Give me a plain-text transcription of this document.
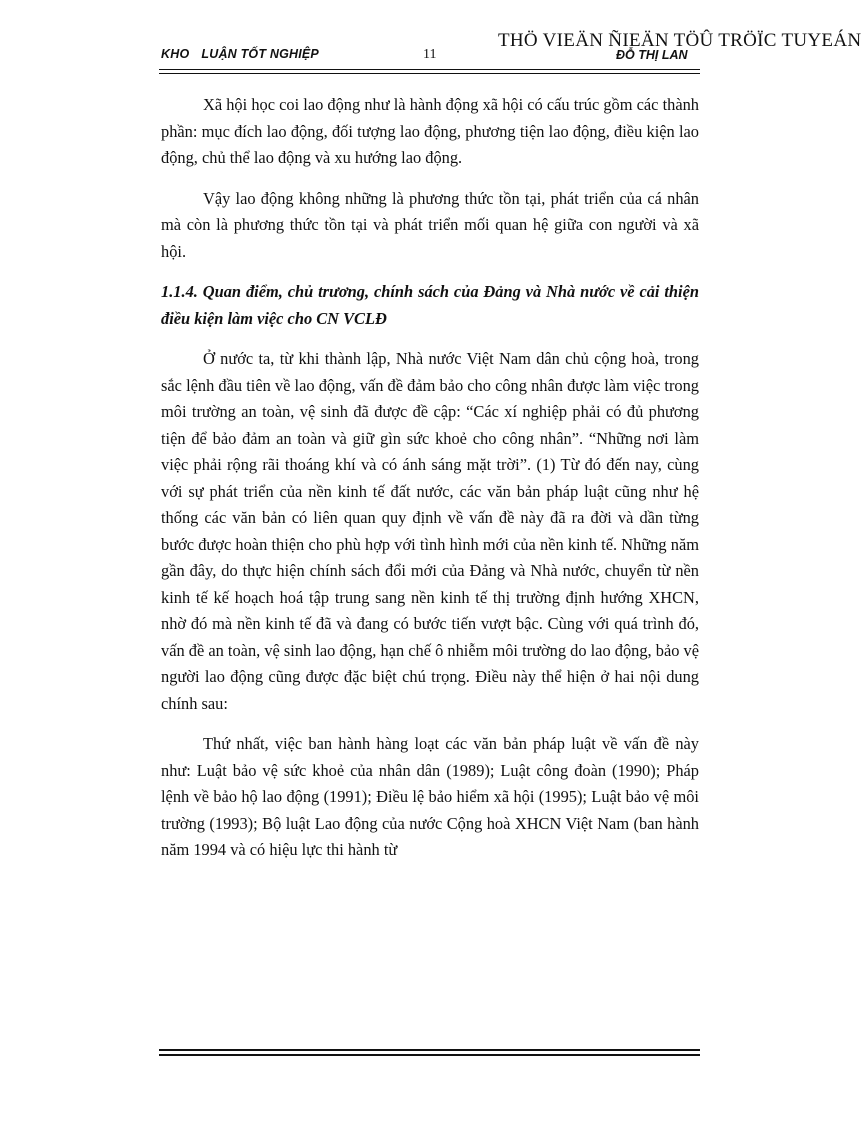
KHO LUẬN TỐT NGHIỆP	11
THÖ VIEÄN ÑIEÄN TÖÛ TRÖÏC TUYEÁN
ĐỖ THỊ LAN

Xã hội học coi lao động như là hành động xã hội có cấu trúc gồm các thành phần: mục đích lao động, đối tượng lao động, phương tiện lao động, điều kiện lao động, chủ thể lao động và xu hướng lao động.

Vậy lao động không những là phương thức tồn tại, phát triển của cá nhân mà còn là phương thức tồn tại và phát triển mối quan hệ giữa con người và xã hội.

1.1.4. Quan điểm, chủ trương, chính sách của Đảng và Nhà nước về cải thiện điều kiện làm việc cho CN VCLĐ

Ở nước ta, từ khi thành lập, Nhà nước Việt Nam dân chủ cộng hoà, trong sắc lệnh đầu tiên về lao động, vấn đề đảm bảo cho công nhân được làm việc trong môi trường an toàn, vệ sinh đã được đề cập: “Các xí nghiệp phải có đủ phương tiện để bảo đảm an toàn và giữ gìn sức khoẻ cho công nhân”. “Những nơi làm việc phải rộng rãi thoáng khí và có ánh sáng mặt trời”. (1) Từ đó đến nay, cùng với sự phát triển của nền kinh tế đất nước, các văn bản pháp luật cũng như hệ thống các văn bản có liên quan quy định về vấn đề này đã ra đời và dần từng bước được hoàn thiện cho phù hợp với tình hình mới của nền kinh tế. Những năm gần đây, do thực hiện chính sách đổi mới của Đảng và Nhà nước, chuyển từ nền kinh tế kế hoạch hoá tập trung sang nền kinh tế thị trường định hướng XHCN, nhờ đó mà nền kinh tế đã và đang có bước tiến vượt bậc. Cùng với quá trình đó, vấn đề an toàn, vệ sinh lao động, hạn chế ô nhiễm môi trường do lao động, bảo vệ người lao động cũng được đặc biệt chú trọng. Điều này thể hiện ở hai nội dung chính sau:

Thứ nhất, việc ban hành hàng loạt các văn bản pháp luật về vấn đề này như: Luật bảo vệ sức khoẻ của nhân dân (1989); Luật công đoàn (1990); Pháp lệnh về bảo hộ lao động (1991); Điều lệ bảo hiểm xã hội (1995); Luật bảo vệ môi trường (1993); Bộ luật Lao động của nước Cộng hoà XHCN Việt Nam (ban hành năm 1994 và có hiệu lực thi hành từ
